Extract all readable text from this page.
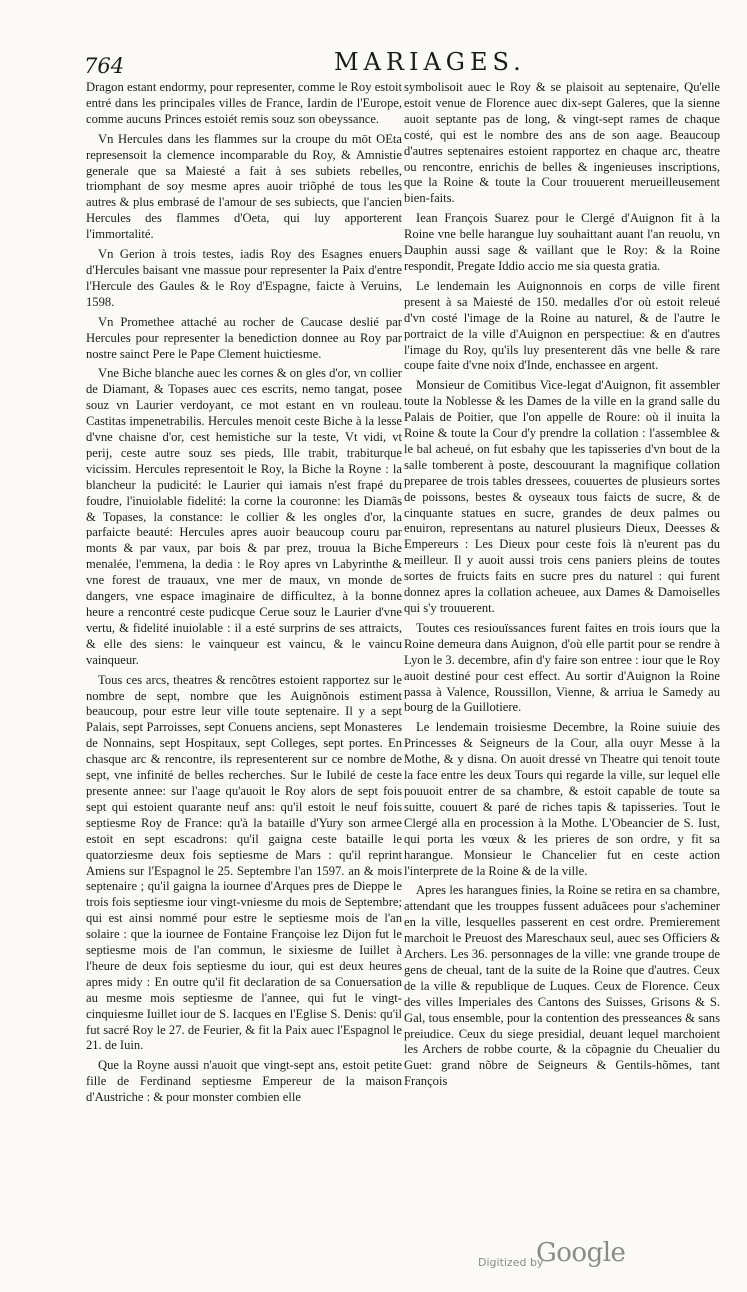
764	MARIAGES.

Dragon estant endormy, pour representer, comme le Roy estoit entré dans les principales villes de France, Iardin de l'Europe, comme aucuns Princes estoiét remis souz son obeyssance.

Vn Hercules dans les flammes sur la croupe du mōt OEta represensoit la clemence incomparable du Roy, & Amnistie generale que sa Maiesté a fait à ses subiets rebelles, triomphant de soy mesme apres auoir triõphé de tous les autres & plus embrasé de l'amour de ses subiects, que l'ancien Hercules des flammes d'Oeta, qui luy apporterent l'immortalité.

Vn Gerion à trois testes, iadis Roy des Esagnes enuers d'Hercules baisant vne massue pour representer la Paix d'entre l'Hercule des Gaules & le Roy d'Espagne, faicte à Veruins, 1598.

Vn Promethee attaché au rocher de Caucase deslié par Hercules pour representer la benediction donnee au Roy par nostre sainct Pere le Pape Clement huictiesme.

Vne Biche blanche auec les cornes & on gles d'or, vn collier de Diamant, & Topases auec ces escrits, nemo tangat, posee souz vn Laurier verdoyant, ce mot estant en vn rouleau. Castitas impenetrabilis. Hercules menoit ceste Biche à la lesse d'vne chaisne d'or, cest hemistiche sur la teste, Vt vidi, vt perij, ceste autre souz ses pieds, Ille trabit, trabiturque vicissim. Hercules representoit le Roy, la Biche la Royne : la blancheur la pudicité: le Laurier qui iamais n'est frapé du foudre, l'inuiolable fidelité: la corne la couronne: les Diamãs & Topases, la constance: le collier & les ongles d'or, la parfaicte beauté: Hercules apres auoir beaucoup couru par monts & par vaux, par bois & par prez, trouua la Biche menalée, l'emmena, la dedia : le Roy apres vn Labyrinthe & vne forest de trauaux, vne mer de maux, vn monde de dangers, vne espace imaginaire de difficultez, à la bonne heure a rencontré ceste pudicque Cerue souz le Laurier d'vne vertu, & fidelité inuiolable : il a esté surprins de ses attraicts, & elle des siens: le vainqueur est vaincu, & le vaincu vainqueur.

Tous ces arcs, theatres & rencõtres estoient rapportez sur le nombre de sept, nombre que les Auignõnois estiment beaucoup, pour estre leur ville toute septenaire. Il y a sept Palais, sept Parroisses, sept Conuens anciens, sept Monasteres de Nonnains, sept Hospitaux, sept Colleges, sept portes. En chasque arc & rencontre, ils representerent sur ce nombre de sept, vne infinité de belles recherches. Sur le Iubilé de ceste presente annee: sur l'aage qu'auoit le Roy alors de sept fois sept qui estoient quarante neuf ans: qu'il estoit le neuf fois septiesme Roy de France: qu'à la bataille d'Yury son armee estoit en sept escadrons: qu'il gaigna ceste bataille le quatorziesme deux fois septiesme de Mars : qu'il reprint Amiens sur l'Espagnol le 25. Septembre l'an 1597. an & mois septenaire ; qu'il gaigna la iournee d'Arques pres de Dieppe le trois fois septiesme iour vingt-vniesme du mois de Septembre; qui est ainsi nommé pour estre le septiesme mois de l'an solaire : que la iournee de Fontaine Françoise lez Dijon fut le septiesme mois de l'an commun, le sixiesme de Iuillet à l'heure de deux fois septiesme du iour, qui est deux heures apres midy : En outre qu'il fit declaration de sa Conuersation au mesme mois septiesme de l'annee, qui fut le vingt-cinquiesme Iuillet iour de S. Iacques en l'Eglise S. Denis: qu'il fut sacré Roy le 27. de Feurier, & fit la Paix auec l'Espagnol le 21. de Iuin.

Que la Royne aussi n'auoit que vingt-sept ans, estoit petite fille de Ferdinand septiesme Empereur de la maison d'Austriche : & pour monster combien elle

symbolisoit auec le Roy & se plaisoit au septenaire, Qu'elle estoit venue de Florence auec dix-sept Galeres, que la sienne auoit septante pas de long, & vingt-sept rames de chaque costé, qui est le nombre des ans de son aage. Beaucoup d'autres septenaires estoient rapportez en chaque arc, theatre ou rencontre, enrichis de belles & ingenieuses inscriptions, que la Roine & toute la Cour trouuerent merueilleusement bien-faits.

Iean François Suarez pour le Clergé d'Auignon fit à la Roine vne belle harangue luy souhaittant auant l'an reuolu, vn Dauphin aussi sage & vaillant que le Roy: & la Roine respondit, Pregate Iddio accio me sia questa gratia.

Le lendemain les Auignonnois en corps de ville firent present à sa Maiesté de 150. medalles d'or où estoit releué d'vn costé l'image de la Roine au naturel, & de l'autre le portraict de la ville d'Auignon en perspectiue: & en d'autres l'image du Roy, qu'ils luy presenterent dãs vne belle & rare coupe faite d'vne noix d'Inde, enchassee en argent.

Monsieur de Comitibus Vice-legat d'Auignon, fit assembler toute la Noblesse & les Dames de la ville en la grand salle du Palais de Poitier, que l'on appelle de Roure: où il inuita la Roine & toute la Cour d'y prendre la collation : l'assemblee & le bal acheué, on fut esbahy que les tapisseries d'vn bout de la salle tomberent à poste, descouurant la magnifique collation preparee de trois tables dressees, couuertes de plusieurs sortes de poissons, bestes & oyseaux tous faicts de sucre, & de cinquante statues en sucre, grandes de deux palmes ou enuiron, representans au naturel plusieurs Dieux, Deesses & Empereurs : Les Dieux pour ceste fois là n'eurent pas du meilleur. Il y auoit aussi trois cens paniers pleins de toutes sortes de fruicts faits en sucre pres du naturel : qui furent donnez apres la collation acheuee, aux Dames & Damoiselles qui s'y trouuerent.

Toutes ces resiouïssances furent faites en trois iours que la Roine demeura dans Auignon, d'où elle partit pour se rendre à Lyon le 3. decembre, afin d'y faire son entree : iour que le Roy auoit destiné pour cest effect. Au sortir d'Auignon la Roine passa à Valence, Roussillon, Vienne, & arriua le Samedy au bourg de la Guillotiere.

Le lendemain troisiesme Decembre, la Roine suiuie des Princesses & Seigneurs de la Cour, alla ouyr Messe à la Mothe, & y disna. On auoit dressé vn Theatre qui tenoit toute la face entre les deux Tours qui regarde la ville, sur lequel elle pouuoit entrer de sa chambre, & estoit capable de toute sa suitte, couuert & paré de riches tapis & tapisseries. Tout le Clergé alla en procession à la Mothe. L'Obeancier de S. Iust, qui porta les vœux & les prieres de son ordre, y fit sa harangue. Monsieur le Chancelier fut en ceste action l'interprete de la Roine & de la ville.

Apres les harangues finies, la Roine se retira en sa chambre, attendant que les trouppes fussent aduãcees pour s'acheminer en la ville, lesquelles passerent en cest ordre. Premierement marchoit le Preuost des Mareschaux seul, auec ses Officiers & Archers. Les 36. personnages de la ville: vne grande troupe de gens de cheual, tant de la suite de la Roine que d'autres. Ceux de la ville & republique de Luques. Ceux de Florence. Ceux des villes Imperiales des Cantons des Suisses, Grisons & S. Gal, tous ensemble, pour la contention des presseances & sans preiudice. Ceux du siege presidial, deuant lequel marchoient les Archers de robbe courte, & la cõpagnie du Cheualier du Guet: grand nõbre de Seigneurs & Gentils-hõmes, tant François

Digitized by
Google
